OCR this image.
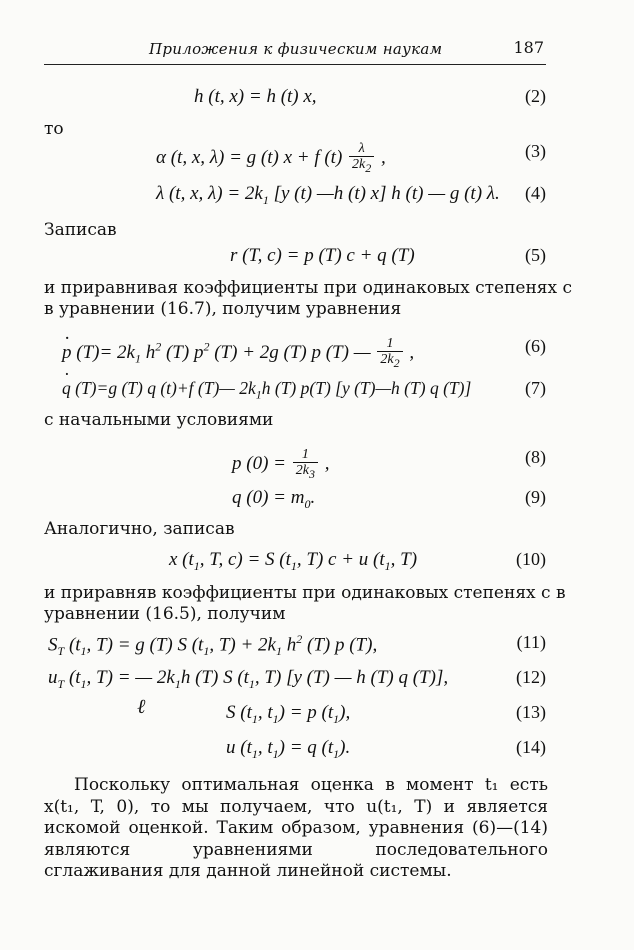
Приложения к физическим наукам	187
h (t, x) = h (t) x,	(2)
то
α (t, x, λ) = g (t) x + f $(t) \frac{\lambda}{2k2}$ ,	(3)
λ (t, x, $\lambda) = 2k_1$ [y (t) —h (t) x] h (t) — g (t) λ. (4)
Записав
r (T, c) = p (T) c + q (T)	(5)
и приравнивая коэффициенты при одинаковых степенях c
в уравнении (16.7), получим уравнения
· p $(T)= 2k_1$ $h^2$ (T) $p^2$ (T) + 2g (T) p (T) — $\frac{1}{2k2}$ ,	(6)
· q (T)=g (T) q (t)+f (T)— $2k_1h$ (T) p(T) [y (T)—h (T) q (T)]	(7)
с начальными условиями
p $(0) = \frac{1}{2k3}$ ,	(8)
q $(0) = m_0$.	(9)
Аналогично, записав
x ($t_1$, T, c) = S ($t_1$, T) c + u ($t_1$, T)	(10)
и приравняв коэффициенты при одинаковых степенях c в
уравнении (16.5), получим
$S_T$ ($t_1$, T) = g (T) S ($t_1$, $T) + 2k_1$ $h^2$ (T) p (T),	(11)
$u_T$ ($t_1$, T) = — $2k_1h$ (T) S ($t_1$, T) [y (T) — h (T) q (T)],	(12)
ℓ	S ($t_1$, $t_1) = p$ $(t_1)$,	(13)
u ($t_1$, $t_1) = q$ $(t_1)$.	(14)
Поскольку оптимальная оценка в момент t₁ есть x(t₁, T, 0), то мы получаем, что u(t₁, T) и является искомой оценкой. Таким образом, уравнения (6)—(14) являются уравнениями последовательного сглаживания для данной линейной системы.
